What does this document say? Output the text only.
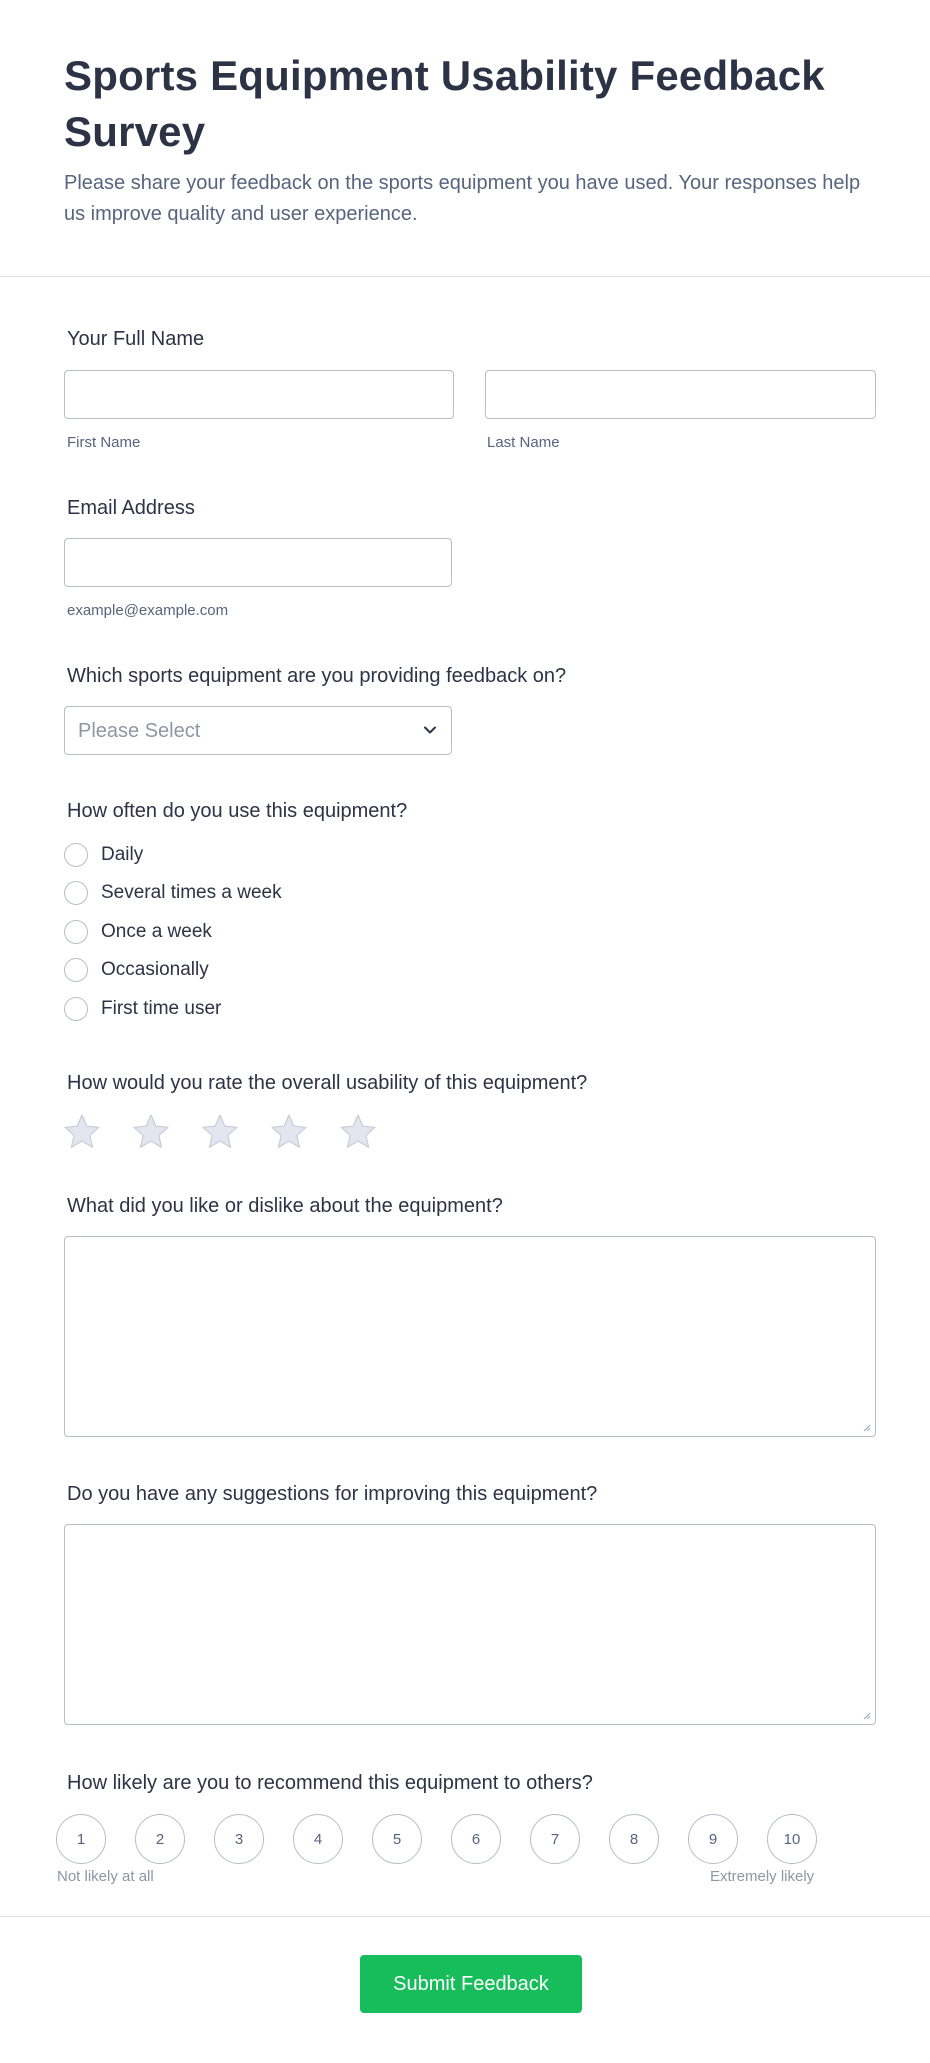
Sports Equipment Usability Feedback Survey

Please share your feedback on the sports equipment you have used. Your responses help us improve quality and user experience.

Your Full Name
First Name	Last Name
Email Address
example@example.com
Which sports equipment are you providing feedback on?
Please Select
How often do you use this equipment?
Daily
Several times a week
Once a week
Occasionally
First time user
How would you rate the overall usability of this equipment?
What did you like or dislike about the equipment?
Do you have any suggestions for improving this equipment?
How likely are you to recommend this equipment to others?
1	2	3	4	5	6	7	8	9	10
Not likely at all	Extremely likely
Submit Feedback
